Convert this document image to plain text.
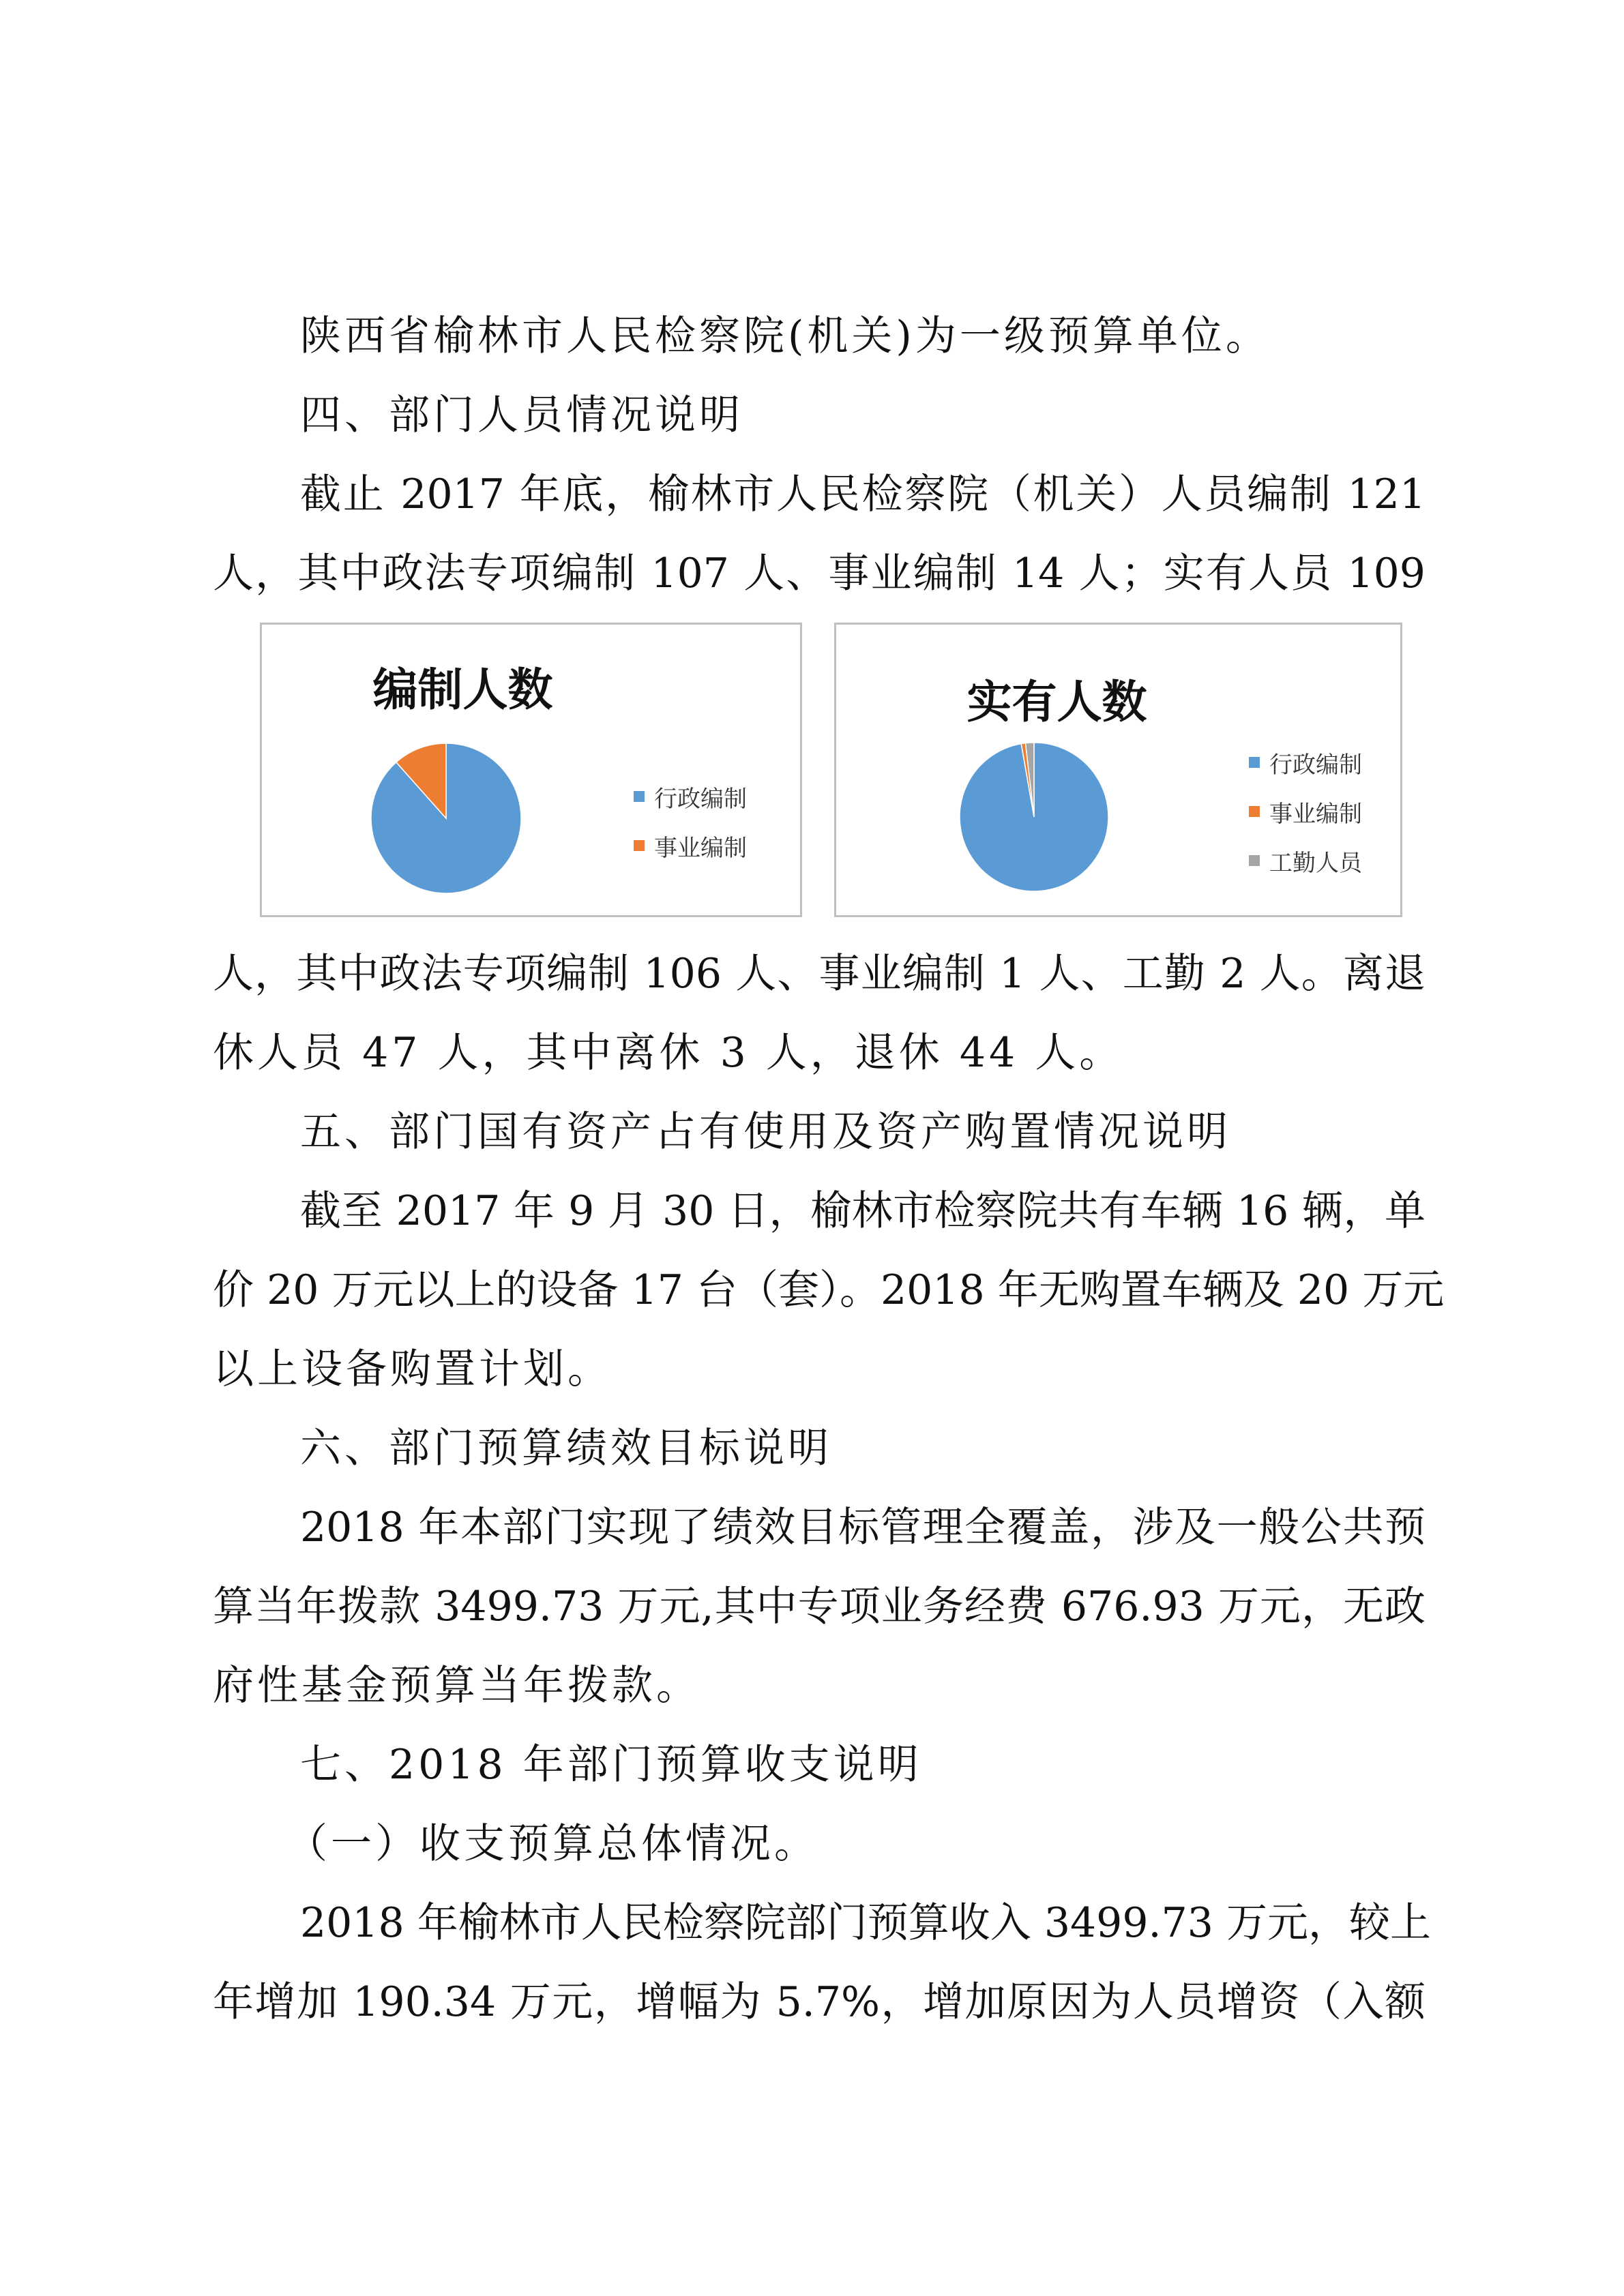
陕西省榆林市人民检察院(机关)为一级预算单位。

四、部门人员情况说明

截止 2017 年底，榆林市人民检察院（机关）人员编制 121

人，其中政法专项编制 107 人、事业编制 14 人；实有人员 109

编制人数
行政编制
事业编制
实有人数
行政编制
事业编制
工勤人员

人，其中政法专项编制 106 人、事业编制 1 人、工勤 2 人。离退

休人员 47 人，其中离休 3 人，退休 44 人。

五、部门国有资产占有使用及资产购置情况说明

截至 2017 年 9 月 30 日，榆林市检察院共有车辆 16 辆，单

价 20 万元以上的设备 17 台（套）。2018 年无购置车辆及 20 万元

以上设备购置计划。

六、部门预算绩效目标说明

2018 年本部门实现了绩效目标管理全覆盖，涉及一般公共预

算当年拨款 3499.73 万元,其中专项业务经费 676.93 万元，无政

府性基金预算当年拨款。

七、2018 年部门预算收支说明

（一）收支预算总体情况。

2018 年榆林市人民检察院部门预算收入 3499.73 万元，较上

年增加 190.34 万元，增幅为 5.7%，增加原因为人员增资（入额
